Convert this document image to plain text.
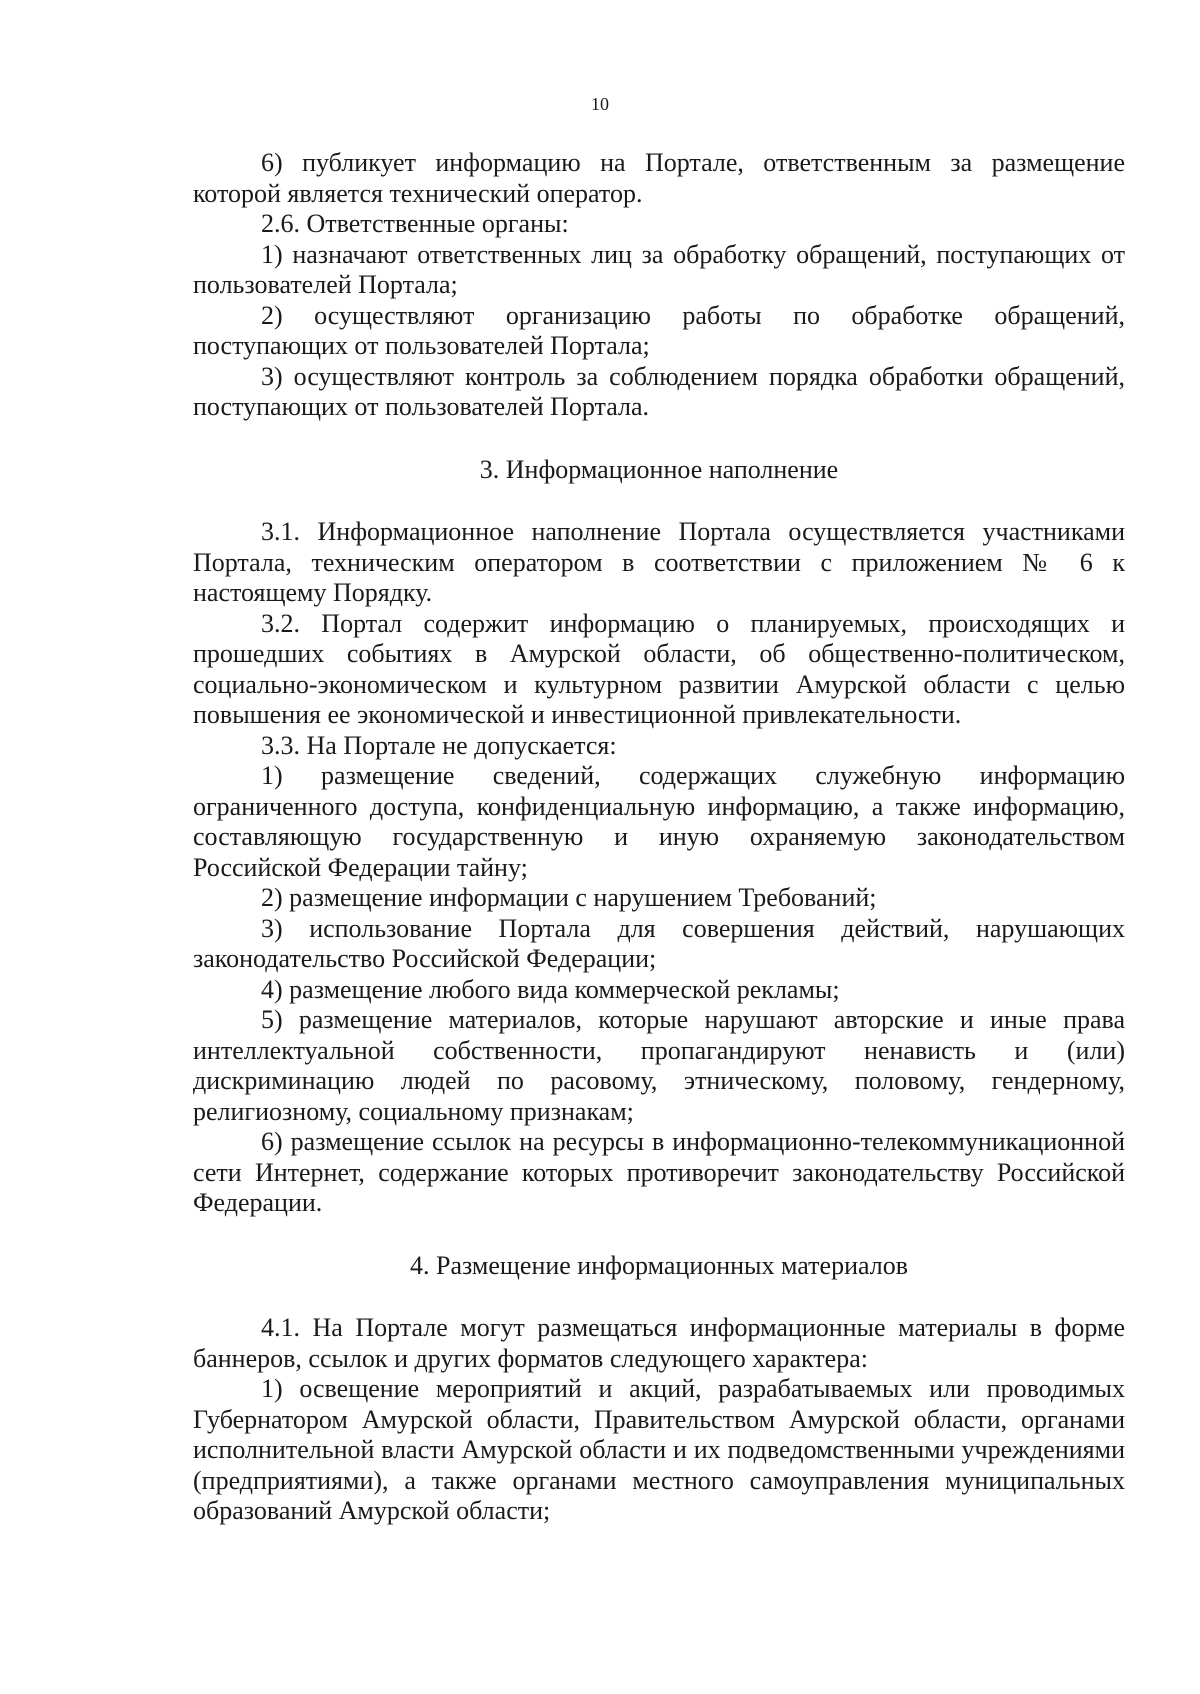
10

6) публикует информацию на Портале, ответственным за размещение которой является технический оператор.

2.6. Ответственные органы:

1) назначают ответственных лиц за обработку обращений, поступающих от пользователей Портала;

2) осуществляют организацию работы по обработке обращений, поступающих от пользователей Портала;

3) осуществляют контроль за соблюдением порядка обработки обращений, поступающих от пользователей Портала.

3. Информационное наполнение

3.1. Информационное наполнение Портала осуществляется участниками Портала, техническим оператором в соответствии с приложением № 6 к настоящему Порядку.

3.2. Портал содержит информацию о планируемых, происходящих и прошедших событиях в Амурской области, об общественно-политическом, социально-экономическом и культурном развитии Амурской области с целью повышения ее экономической и инвестиционной привлекательности.

3.3. На Портале не допускается:

1) размещение сведений, содержащих служебную информацию ограниченного доступа, конфиденциальную информацию, а также информацию, составляющую государственную и иную охраняемую законодательством Российской Федерации тайну;

2) размещение информации с нарушением Требований;

3) использование Портала для совершения действий, нарушающих законодательство Российской Федерации;

4) размещение любого вида коммерческой рекламы;

5) размещение материалов, которые нарушают авторские и иные права интеллектуальной собственности, пропагандируют ненависть и (или) дискриминацию людей по расовому, этническому, половому, гендерному, религиозному, социальному признакам;

6) размещение ссылок на ресурсы в информационно-телекоммуникационной сети Интернет, содержание которых противоречит законодательству Российской Федерации.

4. Размещение информационных материалов

4.1. На Портале могут размещаться информационные материалы в форме баннеров, ссылок и других форматов следующего характера:

1) освещение мероприятий и акций, разрабатываемых или проводимых Губернатором Амурской области, Правительством Амурской области, органами исполнительной власти Амурской области и их подведомственными учреждениями (предприятиями), а также органами местного самоуправления муниципальных образований Амурской области;
